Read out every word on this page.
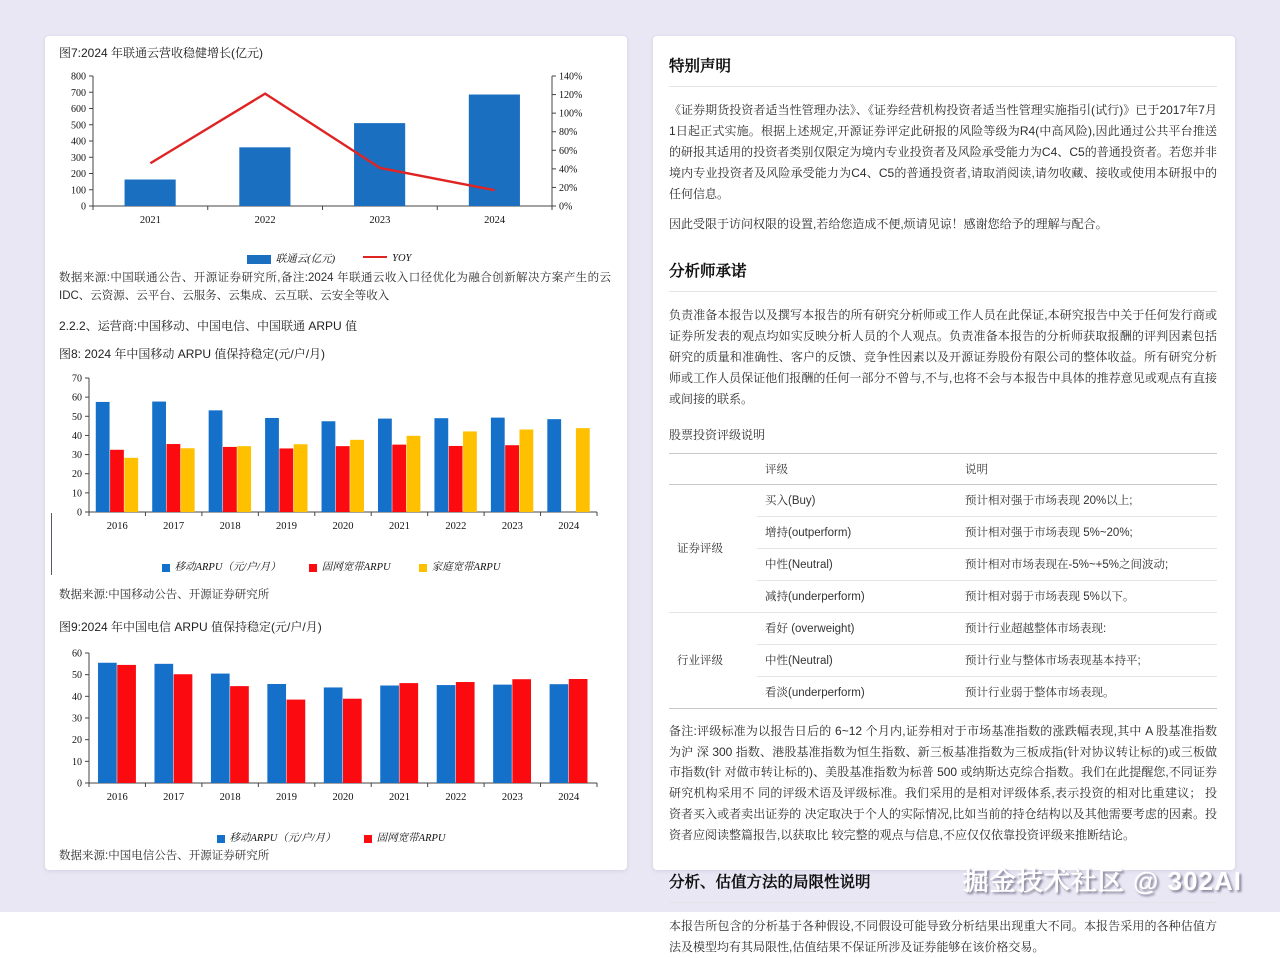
图7:2024 年联通云营收稳健增长(亿元)
0
100
200
300
400
500
600
700
800
0%
20%
40%
60%
80%
100%
120%
140%
2021	2022	2023	2024
联通云(亿元)	YOY
数据来源:中国联通公告、开源证券研究所,备注:2024 年联通云收入口径优化为融合创新解决方案产生的云 IDC、云资源、云平台、云服务、云集成、云互联、云安全等收入
2.2.2、运营商:中国移动、中国电信、中国联通 ARPU 值
图8: 2024 年中国移动 ARPU 值保持稳定(元/户/月)
0
10
20
30
40
50
60
70
2016	2017	2018	2019	2020	2021	2022	2023	2024
移动ARPU（元/户/月）	固网宽带ARPU	家庭宽带ARPU
数据来源:中国移动公告、开源证券研究所
图9:2024 年中国电信 ARPU 值保持稳定(元/户/月)
0
10
20
30
40
50
60
2016	2017	2018	2019	2020	2021	2022	2023	2024
移动ARPU（元/户/月）	固网宽带ARPU
数据来源:中国电信公告、开源证券研究所
特别声明

《证券期货投资者适当性管理办法》、《证券经营机构投资者适当性管理实施指引(试行)》已于2017年7月1日起正式实施。根据上述规定,开源证券评定此研报的风险等级为R4(中高风险),因此通过公共平台推送的研报其适用的投资者类别仅限定为境内专业投资者及风险承受能力为C4、C5的普通投资者。若您并非境内专业投资者及风险承受能力为C4、C5的普通投资者,请取消阅读,请勿收藏、接收或使用本研报中的任何信息。

因此受限于访问权限的设置,若给您造成不便,烦请见谅！感谢您给予的理解与配合。

分析师承诺

负责准备本报告以及撰写本报告的所有研究分析师或工作人员在此保证,本研究报告中关于任何发行商或证券所发表的观点均如实反映分析人员的个人观点。负责准备本报告的分析师获取报酬的评判因素包括研究的质量和准确性、客户的反馈、竞争性因素以及开源证券股份有限公司的整体收益。所有研究分析师或工作人员保证他们报酬的任何一部分不曾与,不与,也将不会与本报告中具体的推荐意见或观点有直接或间接的联系。

股票投资评级说明

	评级	说明
证券评级	买入(Buy)	预计相对强于市场表现 20%以上;
	增持(outperform)	预计相对强于市场表现 5%~20%;
	中性(Neutral)	预计相对市场表现在-5%~+5%之间波动;
	减持(underperform)	预计相对弱于市场表现 5%以下。
行业评级	看好 (overweight)	预计行业超越整体市场表现:
	中性(Neutral)	预计行业与整体市场表现基本持平;
	看淡(underperform)	预计行业弱于整体市场表现。

备注:评级标准为以报告日后的 6~12 个月内,证券相对于市场基准指数的涨跌幅表现,其中 A 股基准指数为沪 深 300 指数、港股基准指数为恒生指数、新三板基准指数为三板成指(针对协议转让标的)或三板做市指数(针 对做市转让标的)、美股基准指数为标普 500 或纳斯达克综合指数。我们在此提醒您,不同证券研究机构采用不 同的评级术语及评级标准。我们采用的是相对评级体系,表示投资的相对比重建议； 投资者买入或者卖出证券的 决定取决于个人的实际情况,比如当前的持仓结构以及其他需要考虑的因素。投资者应阅读整篇报告,以获取比 较完整的观点与信息,不应仅仅依靠投资评级来推断结论。

分析、估值方法的局限性说明

本报告所包含的分析基于各种假设,不同假设可能导致分析结果出现重大不同。本报告采用的各种估值方法及模型均有其局限性,估值结果不保证所涉及证券能够在该价格交易。

掘金技术社区 @ 302AI
